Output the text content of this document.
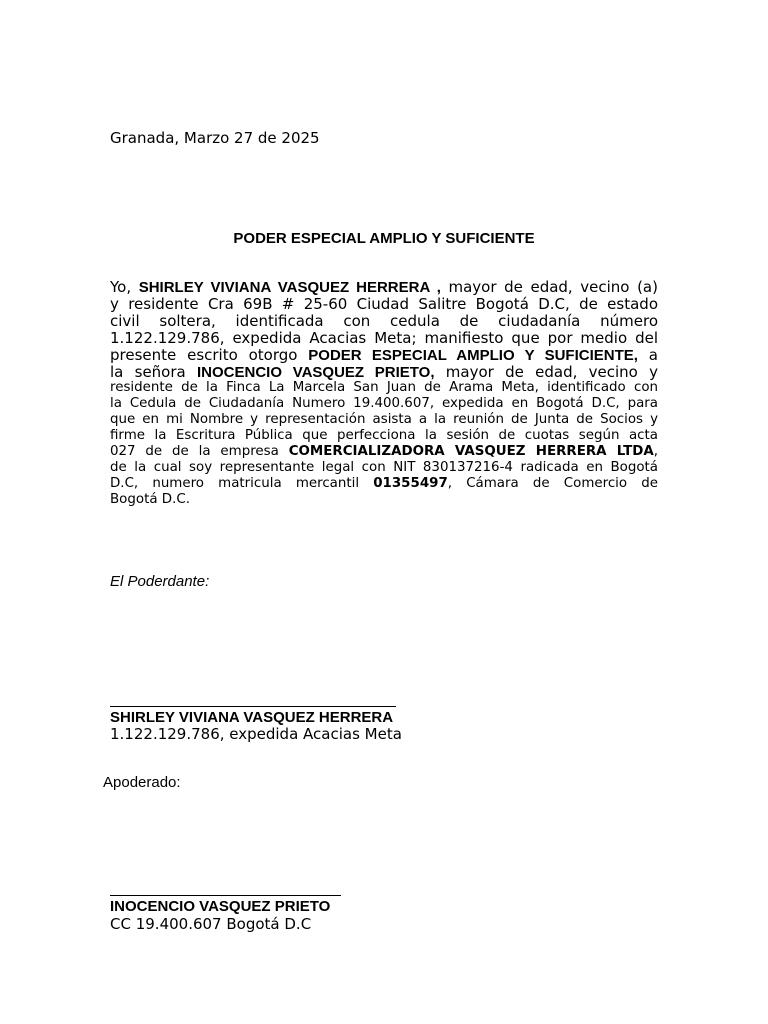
Granada, Marzo 27 de 2025
PODER ESPECIAL AMPLIO Y SUFICIENTE
Yo, SHIRLEY VIVIANA VASQUEZ HERRERA , mayor de edad, vecino (a)
y residente Cra 69B # 25-60 Ciudad Salitre Bogotá D.C, de estado
civil soltera, identificada con cedula de ciudadanía número
1.122.129.786, expedida Acacias Meta; manifiesto que por medio del
presente escrito otorgo PODER ESPECIAL AMPLIO Y SUFICIENTE, a
la señora INOCENCIO VASQUEZ PRIETO, mayor de edad, vecino y
residente de la Finca La Marcela San Juan de Arama Meta, identificado con
la Cedula de Ciudadanía Numero 19.400.607, expedida en Bogotá D.C, para
que en mi Nombre y representación asista a la reunión de Junta de Socios y
firme la Escritura Pública que perfecciona la sesión de cuotas según acta
027 de de la empresa COMERCIALIZADORA VASQUEZ HERRERA LTDA,
de la cual soy representante legal con NIT 830137216-4 radicada en Bogotá
D.C, numero matricula mercantil 01355497, Cámara de Comercio de
Bogotá D.C.
El Poderdante:
SHIRLEY VIVIANA VASQUEZ HERRERA
1.122.129.786, expedida Acacias Meta
Apoderado:
INOCENCIO VASQUEZ PRIETO
CC 19.400.607 Bogotá D.C
